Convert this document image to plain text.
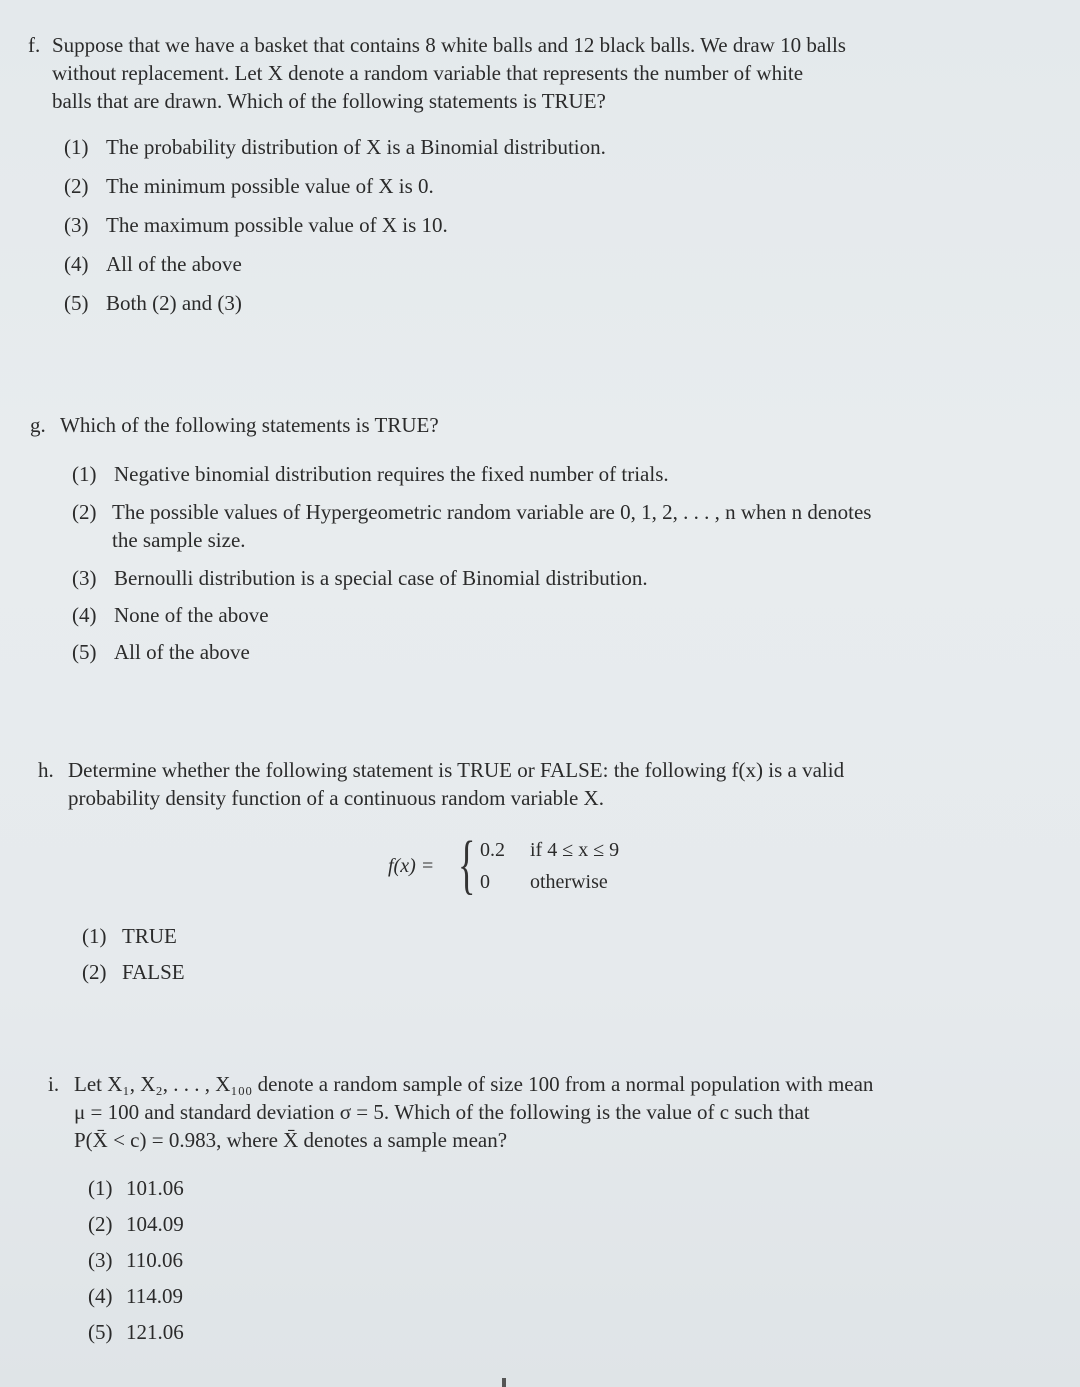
f. Suppose that we have a basket that contains 8 white balls and 12 black balls. We draw 10 balls
without replacement. Let X denote a random variable that represents the number of white
balls that are drawn. Which of the following statements is TRUE?

(1) The probability distribution of X is a Binomial distribution.
(2) The minimum possible value of X is 0.
(3) The maximum possible value of X is 10.
(4) All of the above
(5) Both (2) and (3)

g. Which of the following statements is TRUE?

(1) Negative binomial distribution requires the fixed number of trials.
(2) The possible values of Hypergeometric random variable are 0, 1, 2, . . . , n when n denotes
the sample size.
(3) Bernoulli distribution is a special case of Binomial distribution.
(4) None of the above
(5) All of the above

h. Determine whether the following statement is TRUE or FALSE: the following f(x) is a valid
probability density function of a continuous random variable X.

f(x) = { 0.2 if 4 ≤ x ≤ 9
0 otherwise
(1) TRUE
(2) FALSE

i. Let X₁, X₂, . . . , X₁₀₀ denote a random sample of size 100 from a normal population with mean
μ = 100 and standard deviation σ = 5. Which of the following is the value of c such that
P(X̄ < c) = 0.983, where X̄ denotes a sample mean?

(1) 101.06
(2) 104.09
(3) 110.06
(4) 114.09
(5) 121.06
